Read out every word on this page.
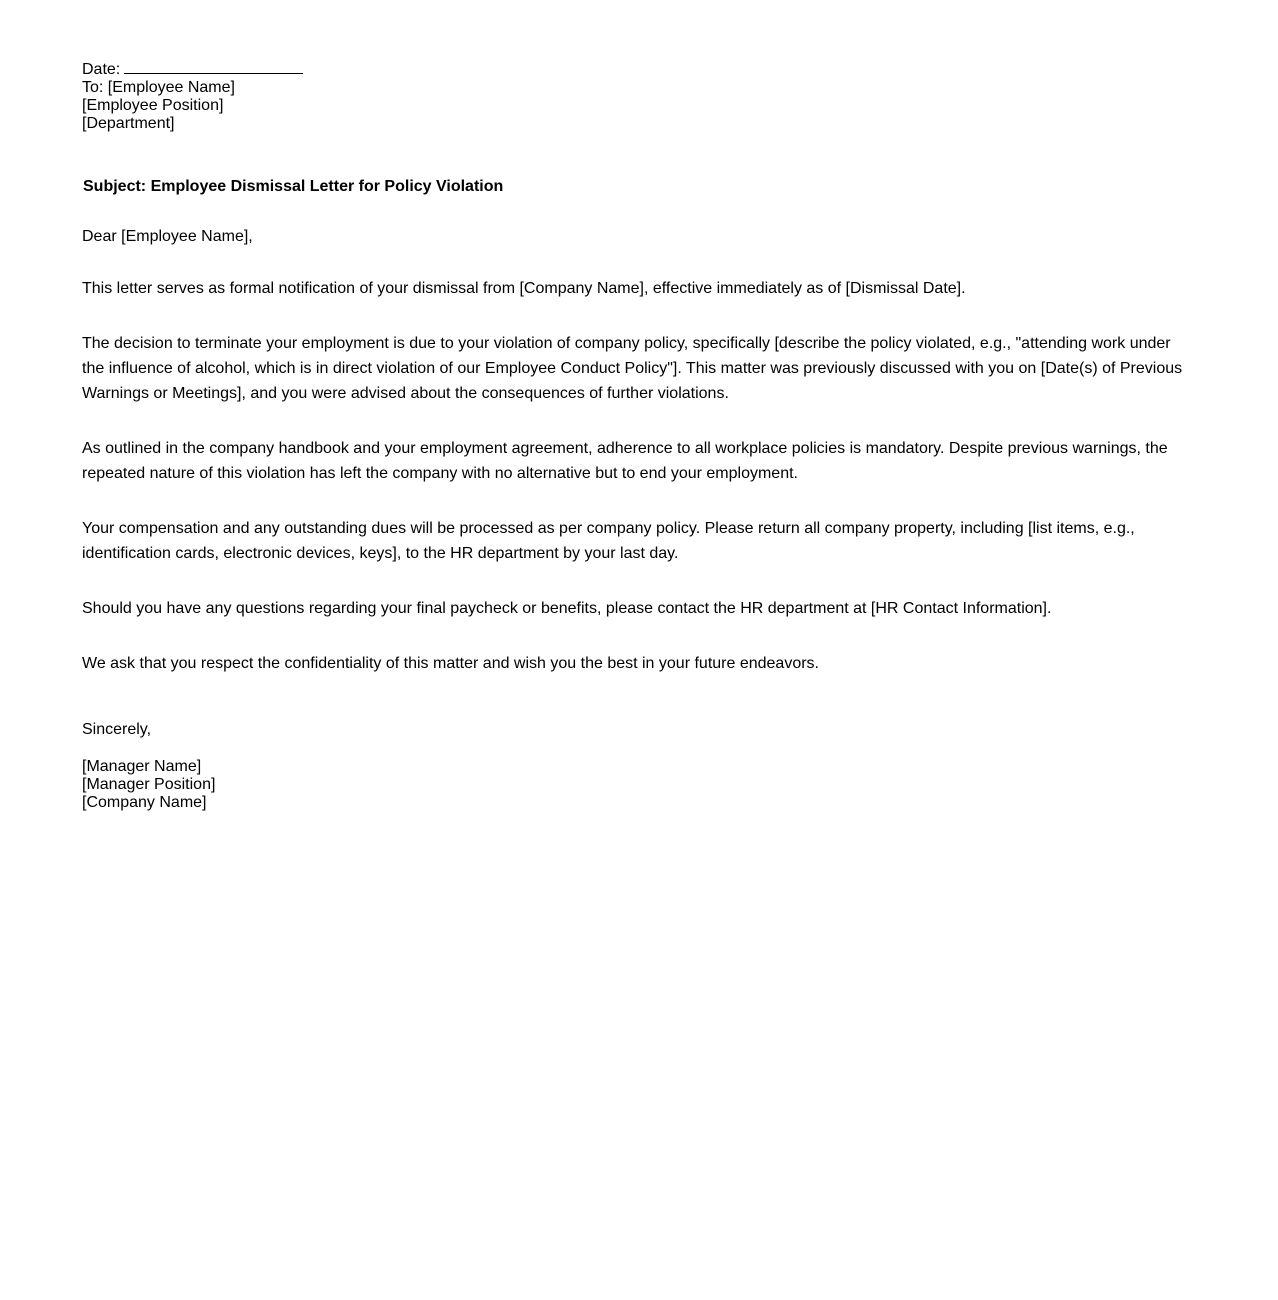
Date:
To: [Employee Name]
[Employee Position]
[Department]
Subject: Employee Dismissal Letter for Policy Violation
Dear [Employee Name],
This letter serves as formal notification of your dismissal from [Company Name], effective immediately as of [Dismissal Date].
The decision to terminate your employment is due to your violation of company policy, specifically [describe the policy violated, e.g., "attending work under the influence of alcohol, which is in direct violation of our Employee Conduct Policy"]. This matter was previously discussed with you on [Date(s) of Previous Warnings or Meetings], and you were advised about the consequences of further violations.
As outlined in the company handbook and your employment agreement, adherence to all workplace policies is mandatory. Despite previous warnings, the repeated nature of this violation has left the company with no alternative but to end your employment.
Your compensation and any outstanding dues will be processed as per company policy. Please return all company property, including [list items, e.g., identification cards, electronic devices, keys], to the HR department by your last day.
Should you have any questions regarding your final paycheck or benefits, please contact the HR department at [HR Contact Information].
We ask that you respect the confidentiality of this matter and wish you the best in your future endeavors.
Sincerely,
[Manager Name]
[Manager Position]
[Company Name]
